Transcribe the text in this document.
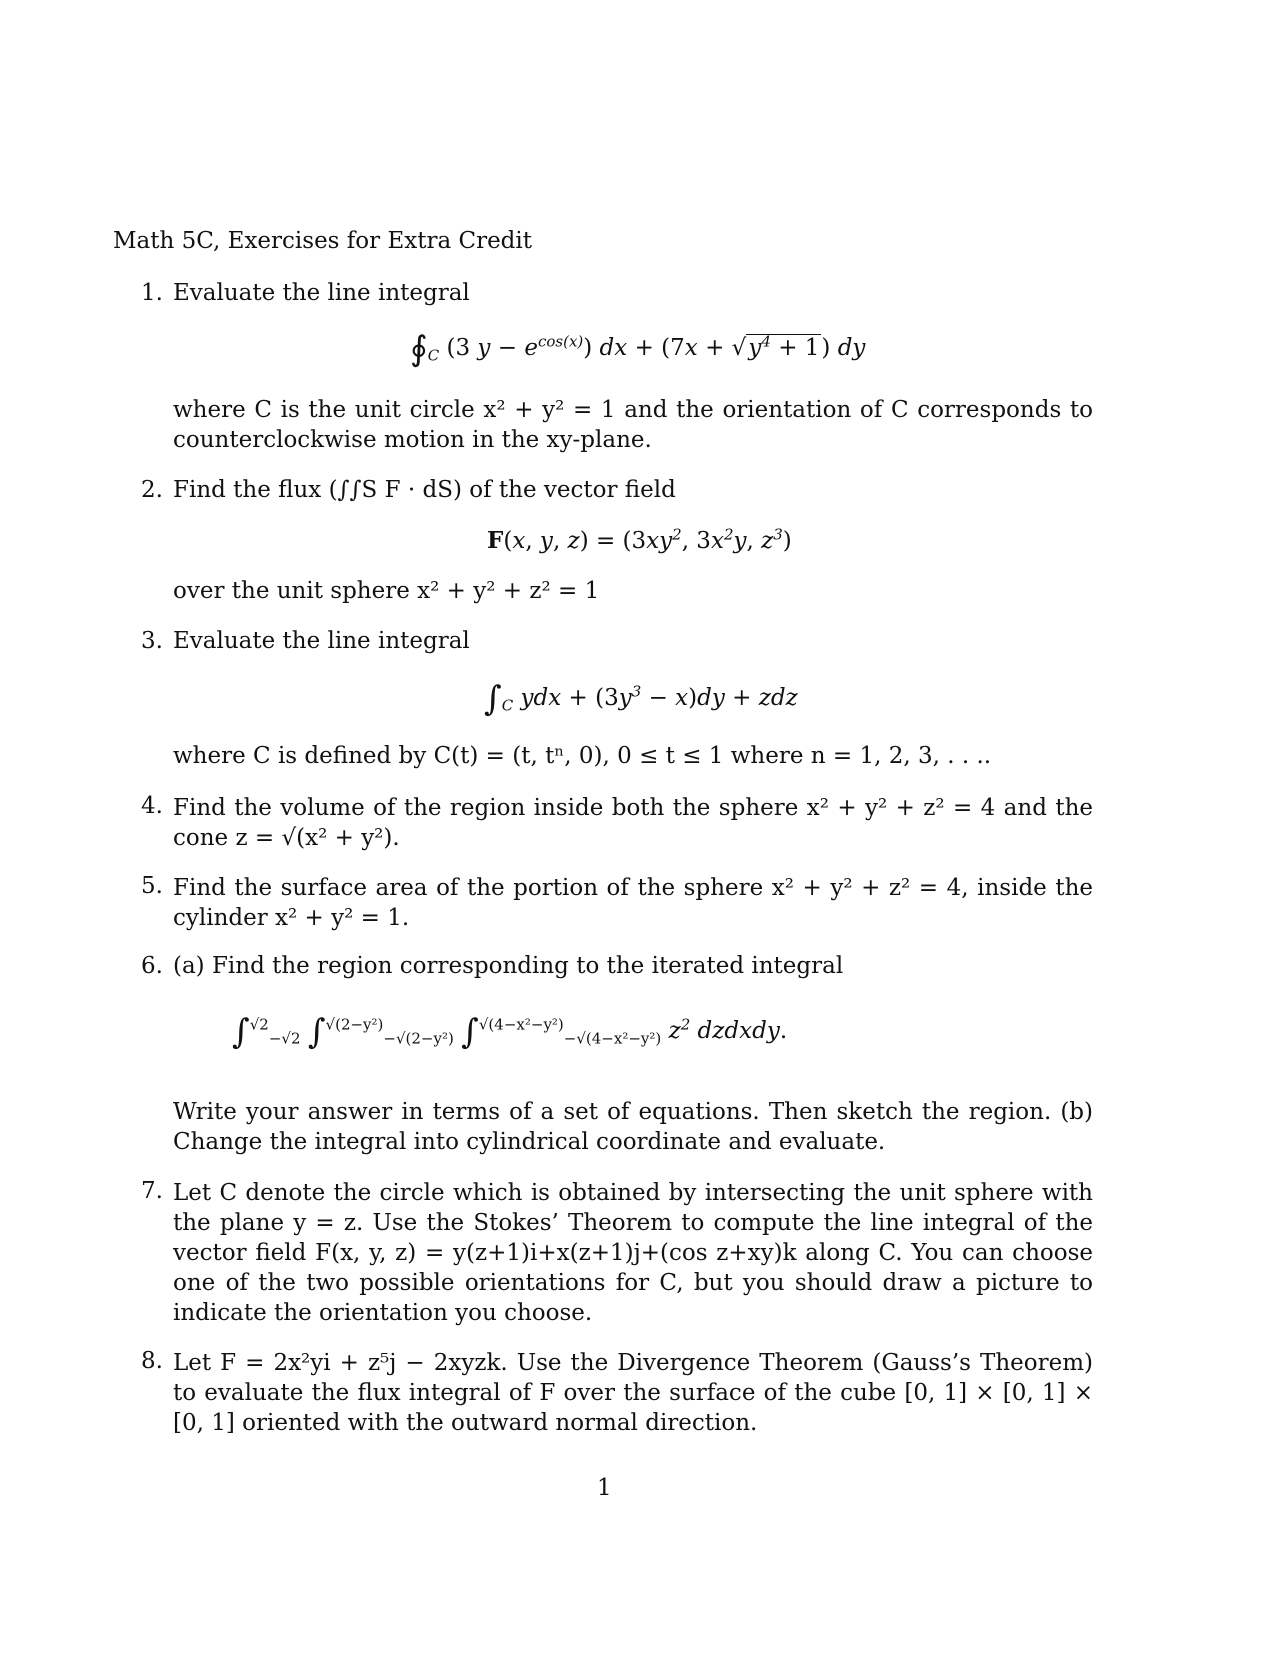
Math 5C, Exercises for Extra Credit
1. Evaluate the line integral
$∮_C$ (3 $y - e^{cos(x)}$) dx + $(7x + √y^4 + 1)$ dy
where C is the unit circle x² + y² = 1 and the orientation of C corresponds to counterclockwise motion in the xy-plane.
2. Find the flux (∫∫S F · dS) of the vector field
F(x, y, $z) = (3xy^2$, $3x^2y$, $z^3$)
over the unit sphere x² + y² + z² = 1
3. Evaluate the line integral
$\int_C$ ydx + $(3y^3 - x)dy$ + zdz
where C is defined by C(t) = (t, tⁿ, 0), 0 ≤ t ≤ 1 where n = 1, 2, 3, . . ..
4. Find the volume of the region inside both the sphere x² + y² + z² = 4 and the cone z = √(x² + y²).
5. Find the surface area of the portion of the sphere x² + y² + z² = 4, inside the cylinder x² + y² = 1.
6. (a) Find the region corresponding to the iterated integral
∫$^{√2}_{-√2}$ ∫$^{√(2-y^2)}_{-√(2-y^2)}$ ∫$^{√(4-x^2-y^2)}_{-√(4-x^2-y^2)}$ $z^2$ dzdxdy.
Write your answer in terms of a set of equations. Then sketch the region. (b) Change the integral into cylindrical coordinate and evaluate.
7. Let C denote the circle which is obtained by intersecting the unit sphere with the plane y = z. Use the Stokes’ Theorem to compute the line integral of the vector field F(x, y, z) = y(z+1)i+x(z+1)j+(cos z+xy)k along C. You can choose one of the two possible orientations for C, but you should draw a picture to indicate the orientation you choose.
8. Let F = 2x²yi + z⁵j − 2xyzk. Use the Divergence Theorem (Gauss’s Theorem) to evaluate the flux integral of F over the surface of the cube [0, 1] × [0, 1] × [0, 1] oriented with the outward normal direction.
1
